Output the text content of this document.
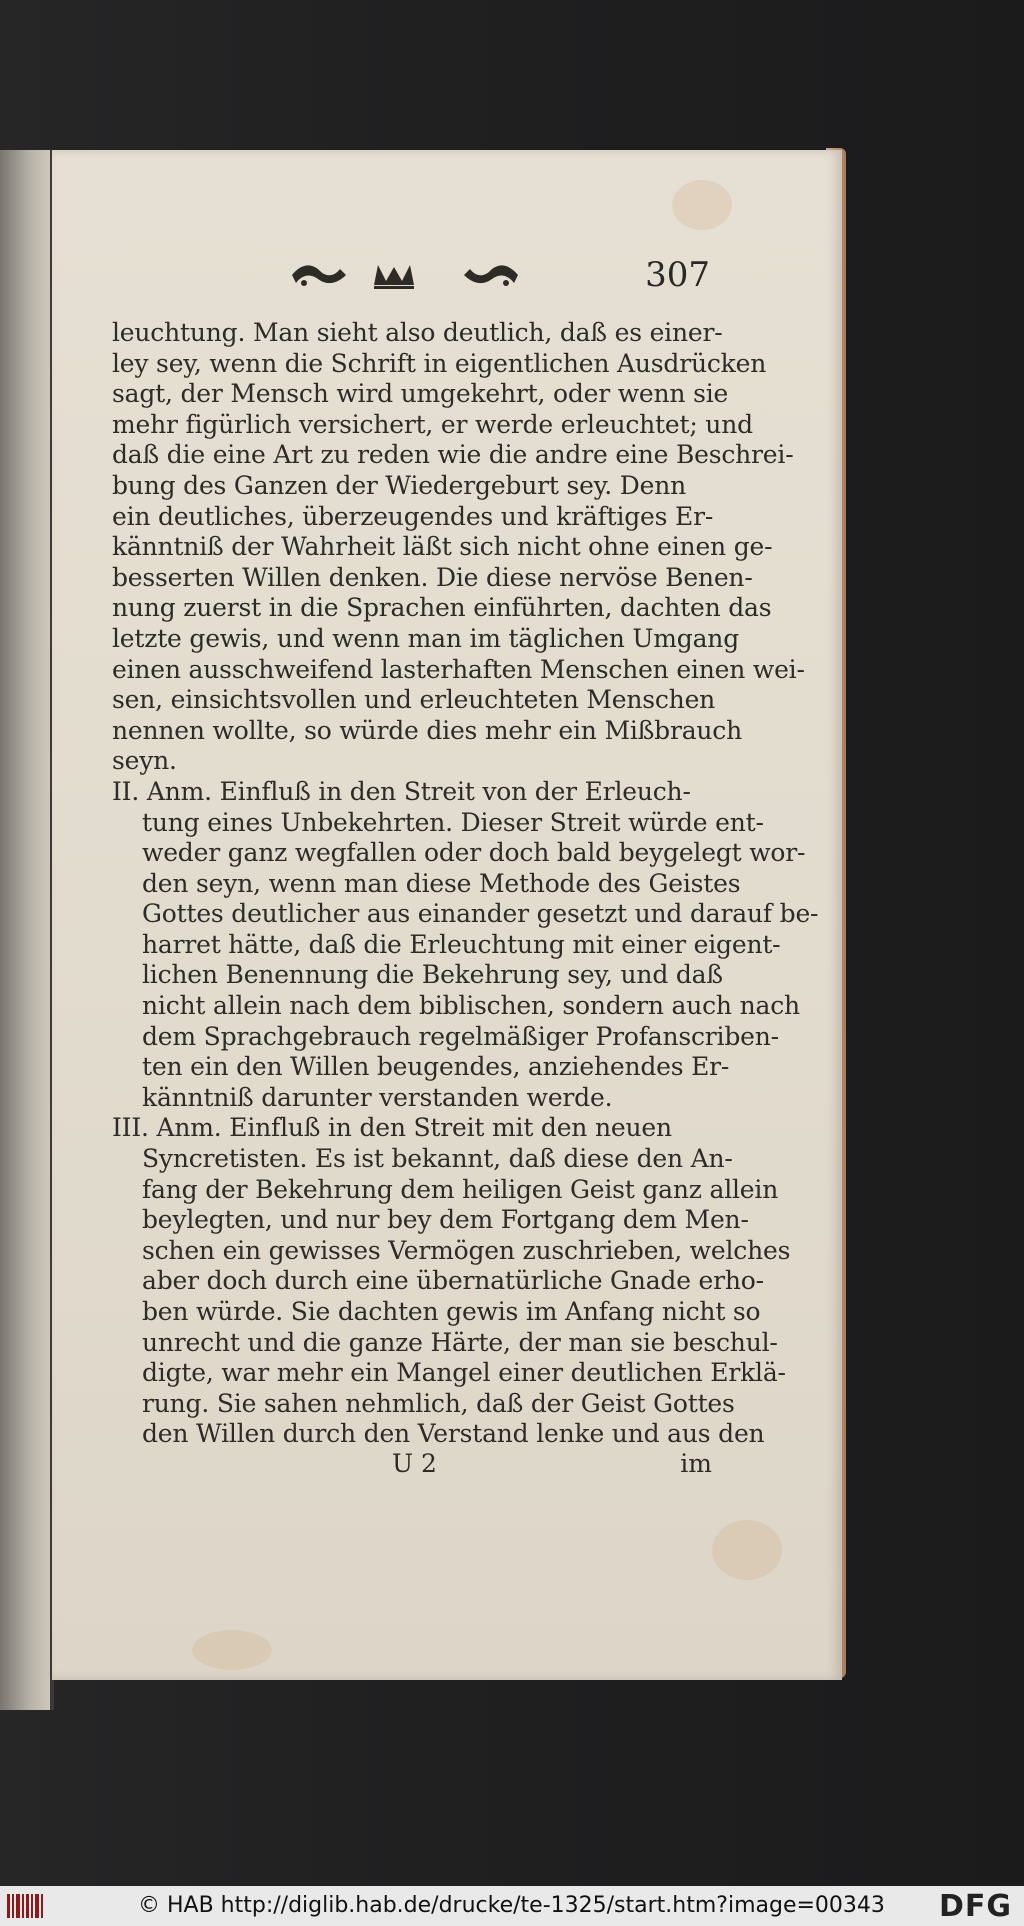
307
leuchtung. Man sieht also deutlich, daß es einer-
ley sey, wenn die Schrift in eigentlichen Ausdrücken
sagt, der Mensch wird umgekehrt, oder wenn sie
mehr figürlich versichert, er werde erleuchtet; und
daß die eine Art zu reden wie die andre eine Beschrei-
bung des Ganzen der Wiedergeburt sey. Denn
ein deutliches, überzeugendes und kräftiges Er-
känntniß der Wahrheit läßt sich nicht ohne einen ge-
besserten Willen denken. Die diese nervöse Benen-
nung zuerst in die Sprachen einführten, dachten das
letzte gewis, und wenn man im täglichen Umgang
einen ausschweifend lasterhaften Menschen einen wei-
sen, einsichtsvollen und erleuchteten Menschen
nennen wollte, so würde dies mehr ein Mißbrauch
seyn.
II. Anm. Einfluß in den Streit von der Erleuch-
tung eines Unbekehrten. Dieser Streit würde ent-
weder ganz wegfallen oder doch bald beygelegt wor-
den seyn, wenn man diese Methode des Geistes
Gottes deutlicher aus einander gesetzt und darauf be-
harret hätte, daß die Erleuchtung mit einer eigent-
lichen Benennung die Bekehrung sey, und daß
nicht allein nach dem biblischen, sondern auch nach
dem Sprachgebrauch regelmäßiger Profanscriben-
ten ein den Willen beugendes, anziehendes Er-
känntniß darunter verstanden werde.
III. Anm. Einfluß in den Streit mit den neuen
Syncretisten. Es ist bekannt, daß diese den An-
fang der Bekehrung dem heiligen Geist ganz allein
beylegten, und nur bey dem Fortgang dem Men-
schen ein gewisses Vermögen zuschrieben, welches
aber doch durch eine übernatürliche Gnade erho-
ben würde. Sie dachten gewis im Anfang nicht so
unrecht und die ganze Härte, der man sie beschul-
digte, war mehr ein Mangel einer deutlichen Erklä-
rung. Sie sahen nehmlich, daß der Geist Gottes
den Willen durch den Verstand lenke und aus den
U 2	im
© HAB http://diglib.hab.de/drucke/te-1325/start.htm?image=00343 DFG
